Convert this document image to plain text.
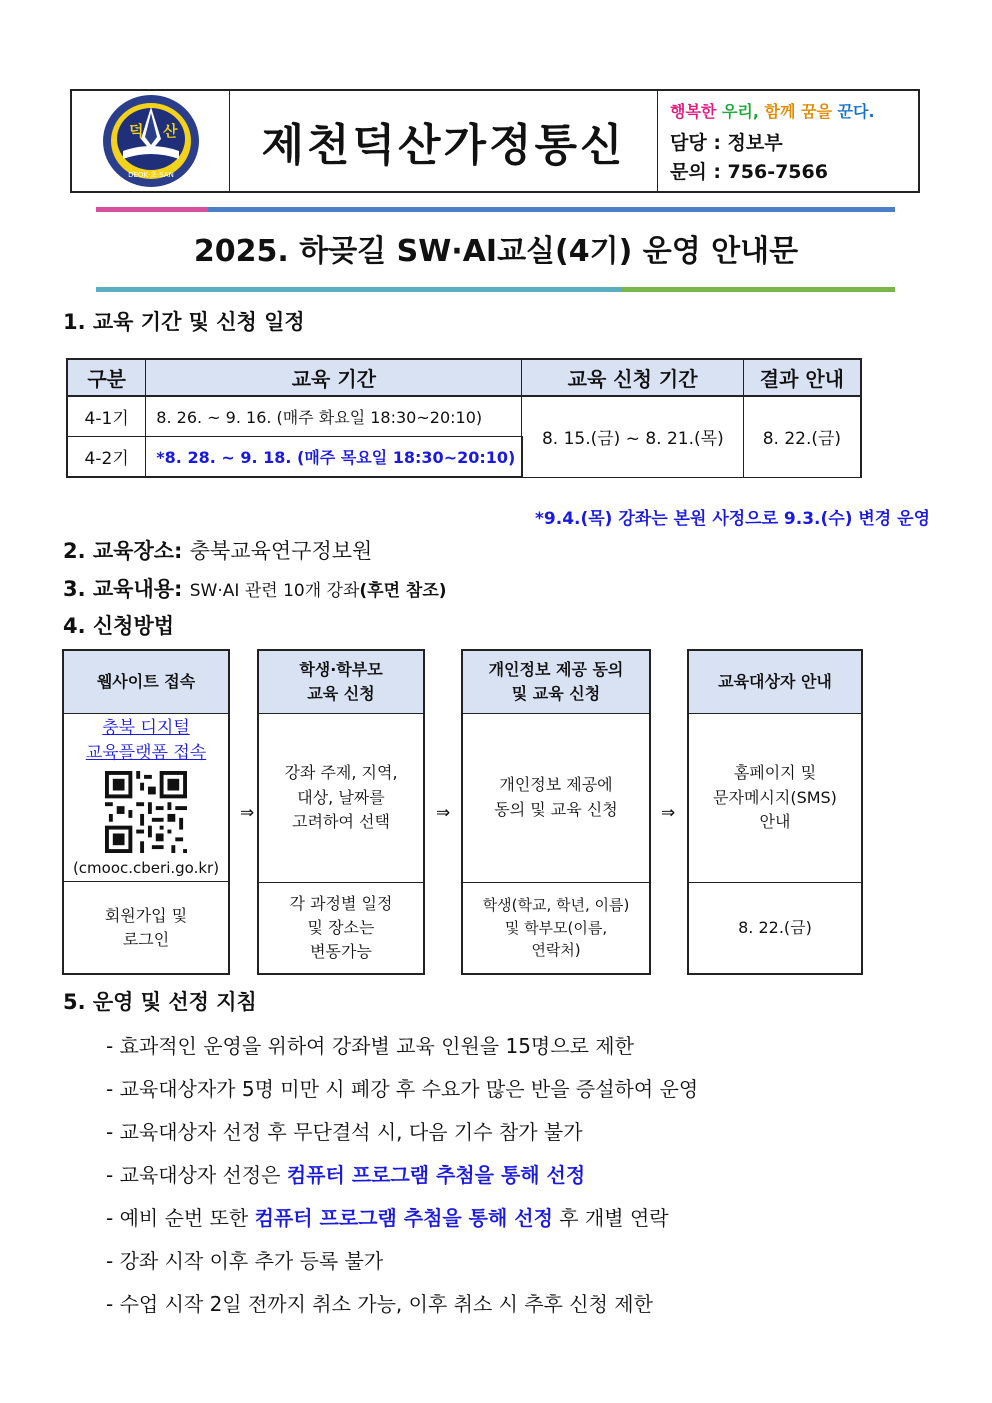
덕 산
DEOK·초·SAN
제천덕산가정통신
행복한 우리, 함께 꿈을 꾼다.
담당 : 정보부
문의 : 756-7566
2025. 하곶길 SW·AI교실(4기) 운영 안내문
1. 교육 기간 및 신청 일정
구분	교육 기간	교육 신청 기간	결과 안내
4-1기	8. 26. ~ 9. 16. (매주 화요일 18:30~20:10)	8. 15.(금) ~ 8. 21.(목)	8. 22.(금)
4-2기	*8. 28. ~ 9. 18. (매주 목요일 18:30~20:10)		
*9.4.(목) 강좌는 본원 사정으로 9.3.(수) 변경 운영
2. 교육장소: 충북교육연구정보원
3. 교육내용: SW·AI 관련 10개 강좌(후면 참조)
4. 신청방법
웹사이트 접속
충북 디지털
교육플랫폼 접속
(cmooc.cberi.go.kr)
회원가입 및
로그인
⇒
학생·학부모
교육 신청
강좌 주제, 지역,
대상, 날짜를
고려하여 선택
각 과정별 일정
및 장소는
변동가능
⇒
개인정보 제공 동의
및 교육 신청
개인정보 제공에
동의 및 교육 신청
학생(학교, 학년, 이름)
및 학부모(이름,
연락처)
⇒
교육대상자 안내
홈페이지 및
문자메시지(SMS)
안내
8. 22.(금)
5. 운영 및 선정 지침
- 효과적인 운영을 위하여 강좌별 교육 인원을 15명으로 제한
- 교육대상자가 5명 미만 시 폐강 후 수요가 많은 반을 증설하여 운영
- 교육대상자 선정 후 무단결석 시, 다음 기수 참가 불가
- 교육대상자 선정은 컴퓨터 프로그램 추첨을 통해 선정
- 예비 순번 또한 컴퓨터 프로그램 추첨을 통해 선정 후 개별 연락
- 강좌 시작 이후 추가 등록 불가
- 수업 시작 2일 전까지 취소 가능, 이후 취소 시 추후 신청 제한
